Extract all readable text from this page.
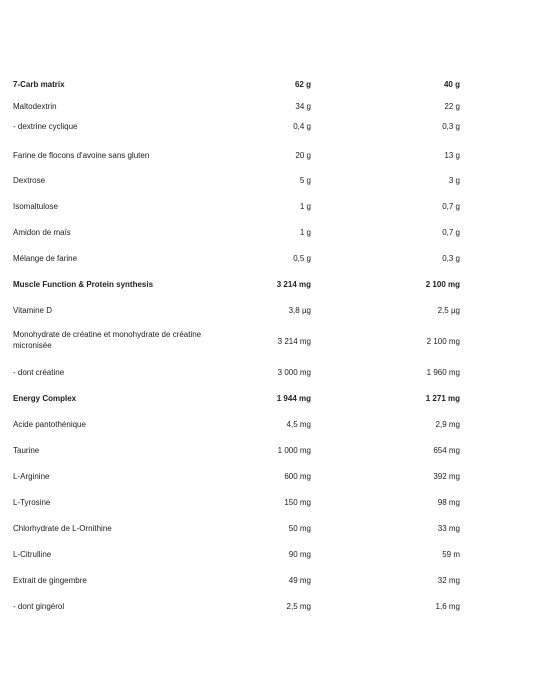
7-Carb matrix	62 g	40 g
Maltodextrin	34 g	22 g
- dextrine cyclique	0,4 g	0,3 g
Farine de flocons d'avoine sans gluten	20 g	13 g
Dextrose	5 g	3 g
Isomaltulose	1 g	0,7 g
Amidon de maïs	1 g	0,7 g
Mélange de farine	0,5 g	0,3 g
Muscle Function & Protein synthesis	3 214 mg	2 100 mg
Vitamine D	3,8 µg	2,5 µg
Monohydrate de créatine et monohydrate de créatine micronisée	3 214 mg	2 100 mg
- dont créatine	3 000 mg	1 960 mg
Energy Complex	1 944 mg	1 271 mg
Acide pantothénique	4,5 mg	2,9 mg
Taurine	1 000 mg	654 mg
L-Arginine	600 mg	392 mg
L-Tyrosine	150 mg	98 mg
Chlorhydrate de L-Ornithine	50 mg	33 mg
L-Citrulline	90 mg	59 m
Extrait de gingembre	49 mg	32 mg
- dont gingérol	2,5 mg	1,6 mg
